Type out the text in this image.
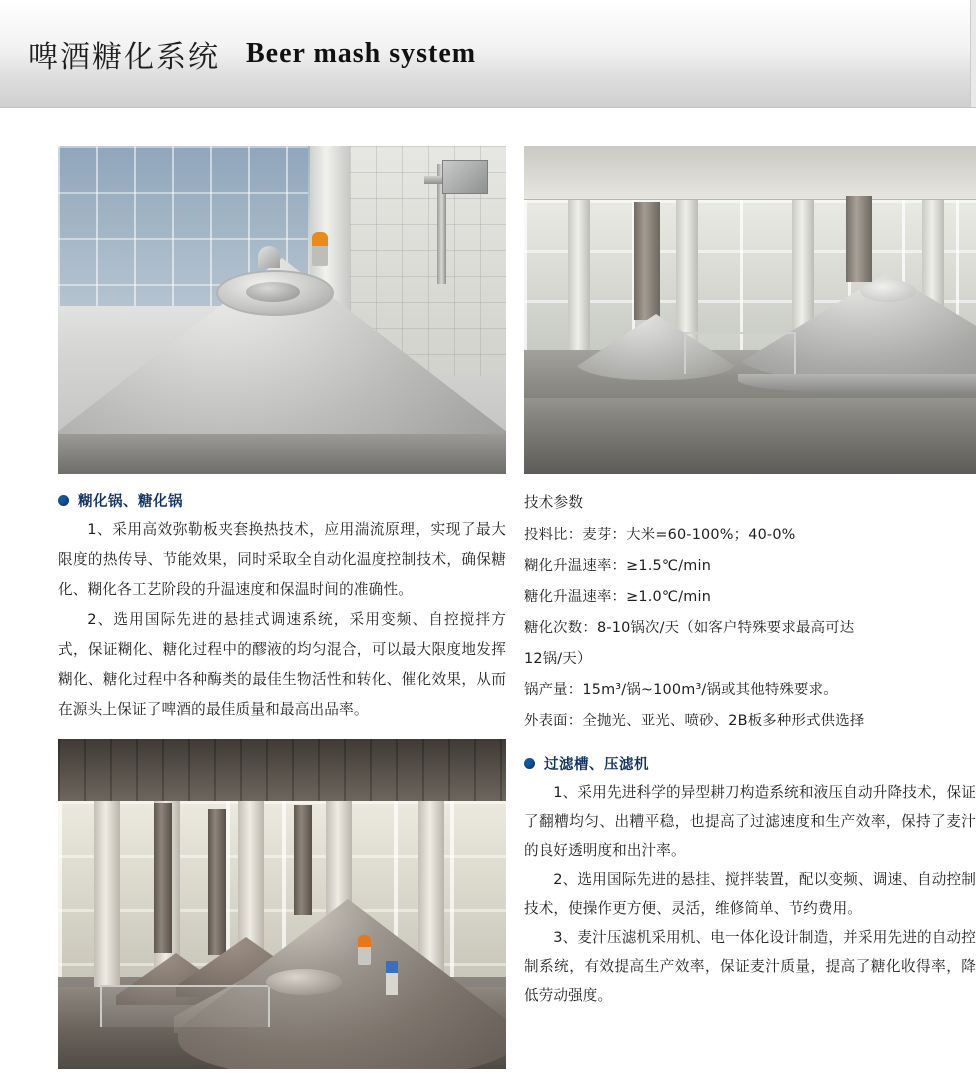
啤酒糖化系统 Beer mash system
糊化锅、糖化锅

1、采用高效弥勒板夹套换热技术，应用湍流原理，实现了最大限度的热传导、节能效果，同时采取全自动化温度控制技术，确保糖化、糊化各工艺阶段的升温速度和保温时间的准确性。

2、选用国际先进的悬挂式调速系统，采用变频、自控搅拌方式，保证糊化、糖化过程中的醪液的均匀混合，可以最大限度地发挥糊化、糖化过程中各种酶类的最佳生物活性和转化、催化效果，从而在源头上保证了啤酒的最佳质量和最高出品率。

技术参数
投料比：麦芽：大米=60-100%；40-0%
糊化升温速率：≥1.5℃/min
糖化升温速率：≥1.0℃/min
糖化次数：8-10锅次/天（如客户特殊要求最高可达
12锅/天）
锅产量：15m³/锅~100m³/锅或其他特殊要求。
外表面：全抛光、亚光、喷砂、2B板多种形式供选择
过滤槽、压滤机

1、采用先进科学的异型耕刀构造系统和液压自动升降技术，保证了翻糟均匀、出糟平稳，也提高了过滤速度和生产效率，保持了麦汁的良好透明度和出汁率。

2、选用国际先进的悬挂、搅拌装置，配以变频、调速、自动控制技术，使操作更方便、灵活，维修简单、节约费用。

3、麦汁压滤机采用机、电一体化设计制造，并采用先进的自动控制系统，有效提高生产效率，保证麦汁质量，提高了糖化收得率，降低劳动强度。
